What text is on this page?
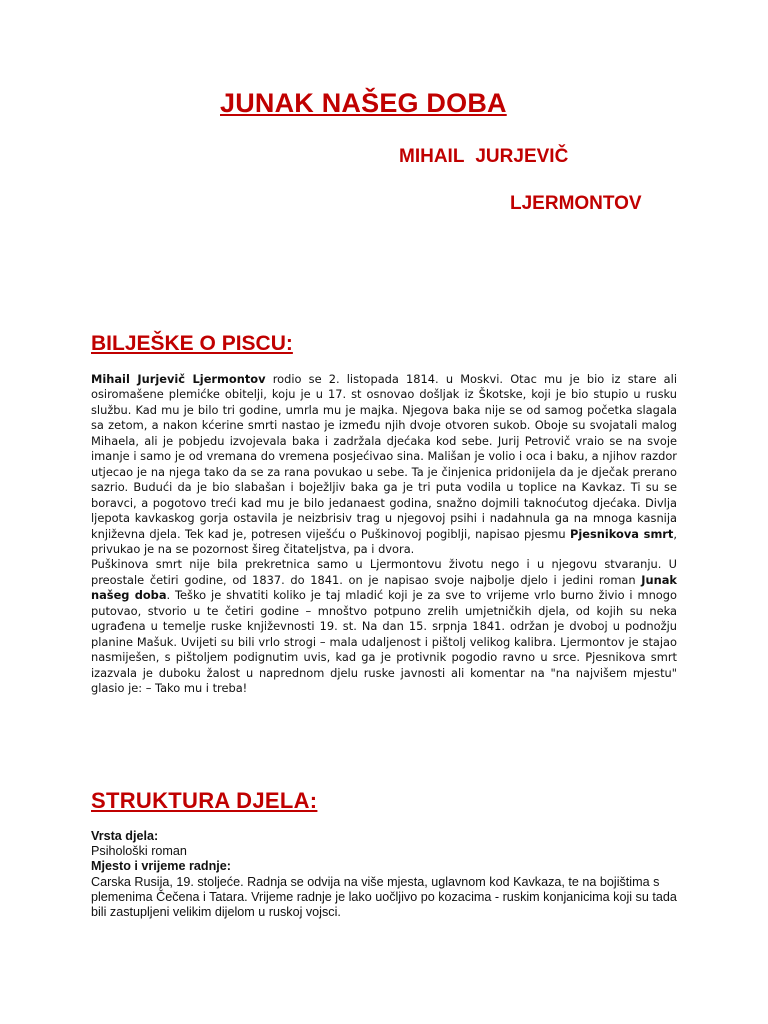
JUNAK NAŠEG DOBA
MIHAIL JURJEVIČ
LJERMONTOV
BILJEŠKE O PISCU:

Mihail Jurjevič Ljermontov rodio se 2. listopada 1814. u Moskvi. Otac mu je bio iz stare ali osiromašene plemićke obitelji, koju je u 17. st osnovao došljak iz Škotske, koji je bio stupio u rusku službu. Kad mu je bilo tri godine, umrla mu je majka. Njegova baka nije se od samog početka slagala sa zetom, a nakon kćerine smrti nastao je između njih dvoje otvoren sukob. Oboje su svojatali malog Mihaela, ali je pobjedu izvojevala baka i zadržala djećaka kod sebe. Jurij Petrovič vraio se na svoje imanje i samo je od vremana do vremena posjećivao sina. Mališan je volio i oca i baku, a njihov razdor utjecao je na njega tako da se za rana povukao u sebe. Ta je činjenica pridonijela da je dječak prerano sazrio. Budući da je bio slabašan i boježljiv baka ga je tri puta vodila u toplice na Kavkaz. Ti su se boravci, a pogotovo treći kad mu je bilo jedanaest godina, snažno dojmili taknoćutog djećaka. Divlja ljepota kavkaskog gorja ostavila je neizbrisiv trag u njegovoj psihi i nadahnula ga na mnoga kasnija književna djela. Tek kad je, potresen viješću o Puškinovoj pogiblji, napisao pjesmu Pjesnikova smrt, privukao je na se pozornost šireg čitateljstva, pa i dvora.

Puškinova smrt nije bila prekretnica samo u Ljermontovu životu nego i u njegovu stvaranju. U preostale četiri godine, od 1837. do 1841. on je napisao svoje najbolje djelo i jedini roman Junak našeg doba. Teško je shvatiti koliko je taj mladić koji je za sve to vrijeme vrlo burno živio i mnogo putovao, stvorio u te četiri godine – mnoštvo potpuno zrelih umjetničkih djela, od kojih su neka ugrađena u temelje ruske književnosti 19. st. Na dan 15. srpnja 1841. održan je dvoboj u podnožju planine Mašuk. Uvijeti su bili vrlo strogi – mala udaljenost i pištolj velikog kalibra. Ljermontov je stajao nasmiješen, s pištoljem podignutim uvis, kad ga je protivnik pogodio ravno u srce. Pjesnikova smrt izazvala je duboku žalost u naprednom djelu ruske javnosti ali komentar na "na najvišem mjestu" glasio je: – Tako mu i treba!

STRUKTURA DJELA:
Vrsta djela:
Psihološki roman
Mjesto i vrijeme radnje:
Carska Rusija, 19. stoljeće. Radnja se odvija na više mjesta, uglavnom kod Kavkaza, te na bojištima s plemenima Čečena i Tatara. Vrijeme radnje je lako uočljivo po kozacima - ruskim konjanicima koji su tada bili zastupljeni velikim dijelom u ruskoj vojsci.
